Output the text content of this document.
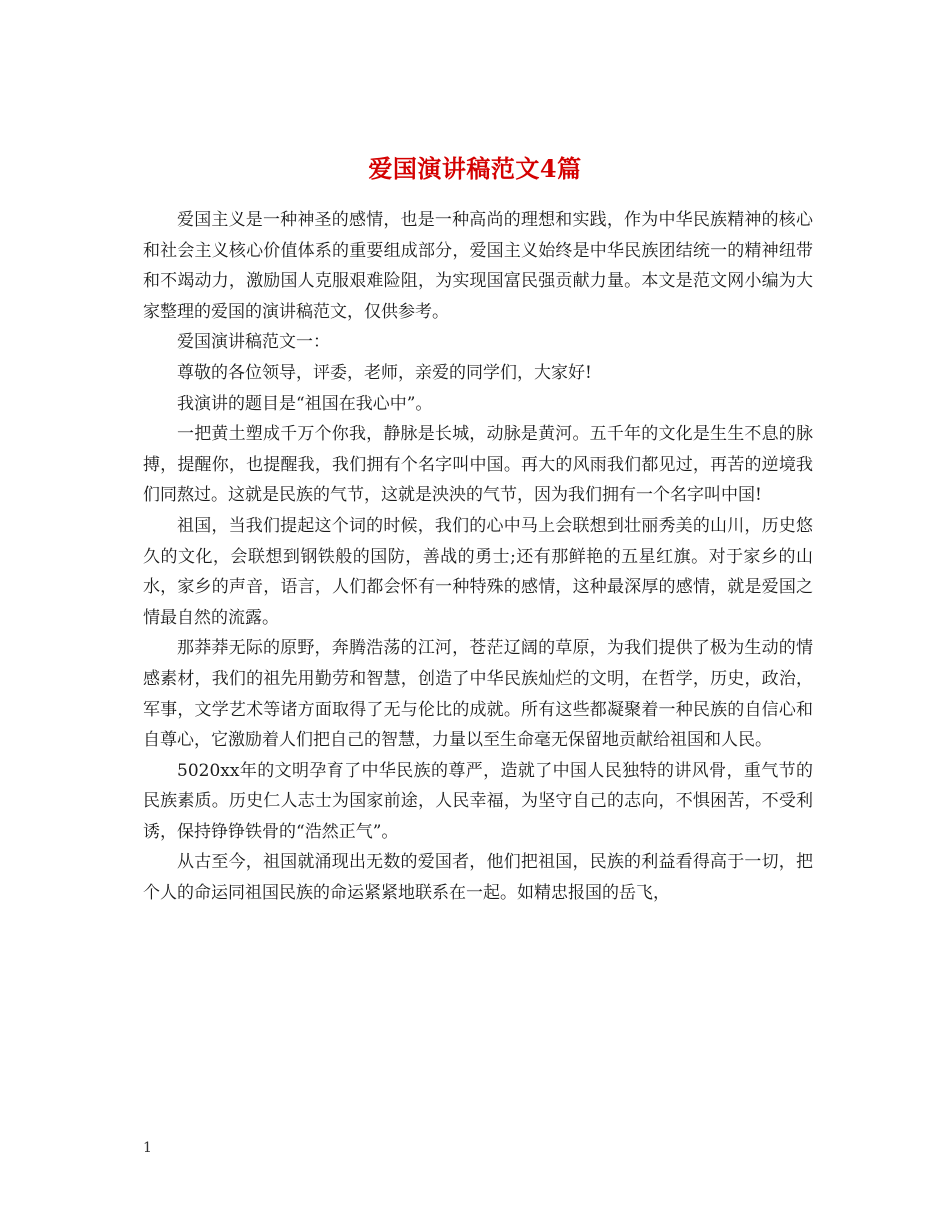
爱国演讲稿范文4篇

爱国主义是一种神圣的感情，也是一种高尚的理想和实践，作为中华民族精神的核心和社会主义核心价值体系的重要组成部分，爱国主义始终是中华民族团结统一的精神纽带和不竭动力，激励国人克服艰难险阻，为实现国富民强贡献力量。本文是范文网小编为大家整理的爱国的演讲稿范文，仅供参考。

爱国演讲稿范文一：

尊敬的各位领导，评委，老师，亲爱的同学们，大家好!

我演讲的题目是“祖国在我心中”。

一把黄土塑成千万个你我，静脉是长城，动脉是黄河。五千年的文化是生生不息的脉搏，提醒你，也提醒我，我们拥有个名字叫中国。再大的风雨我们都见过，再苦的逆境我们同熬过。这就是民族的气节，这就是泱泱的气节，因为我们拥有一个名字叫中国!

祖国，当我们提起这个词的时候，我们的心中马上会联想到壮丽秀美的山川，历史悠久的文化，会联想到钢铁般的国防，善战的勇士;还有那鲜艳的五星红旗。对于家乡的山水，家乡的声音，语言，人们都会怀有一种特殊的感情，这种最深厚的感情，就是爱国之情最自然的流露。

那莽莽无际的原野，奔腾浩荡的江河，苍茫辽阔的草原，为我们提供了极为生动的情感素材，我们的祖先用勤劳和智慧，创造了中华民族灿烂的文明，在哲学，历史，政治，军事，文学艺术等诸方面取得了无与伦比的成就。所有这些都凝聚着一种民族的自信心和自尊心，它激励着人们把自己的智慧，力量以至生命毫无保留地贡献给祖国和人民。

5020xx年的文明孕育了中华民族的尊严，造就了中国人民独特的讲风骨，重气节的民族素质。历史仁人志士为国家前途，人民幸福，为坚守自己的志向，不惧困苦，不受利诱，保持铮铮铁骨的“浩然正气”。

从古至今，祖国就涌现出无数的爱国者，他们把祖国，民族的利益看得高于一切，把个人的命运同祖国民族的命运紧紧地联系在一起。如精忠报国的岳飞，

1
